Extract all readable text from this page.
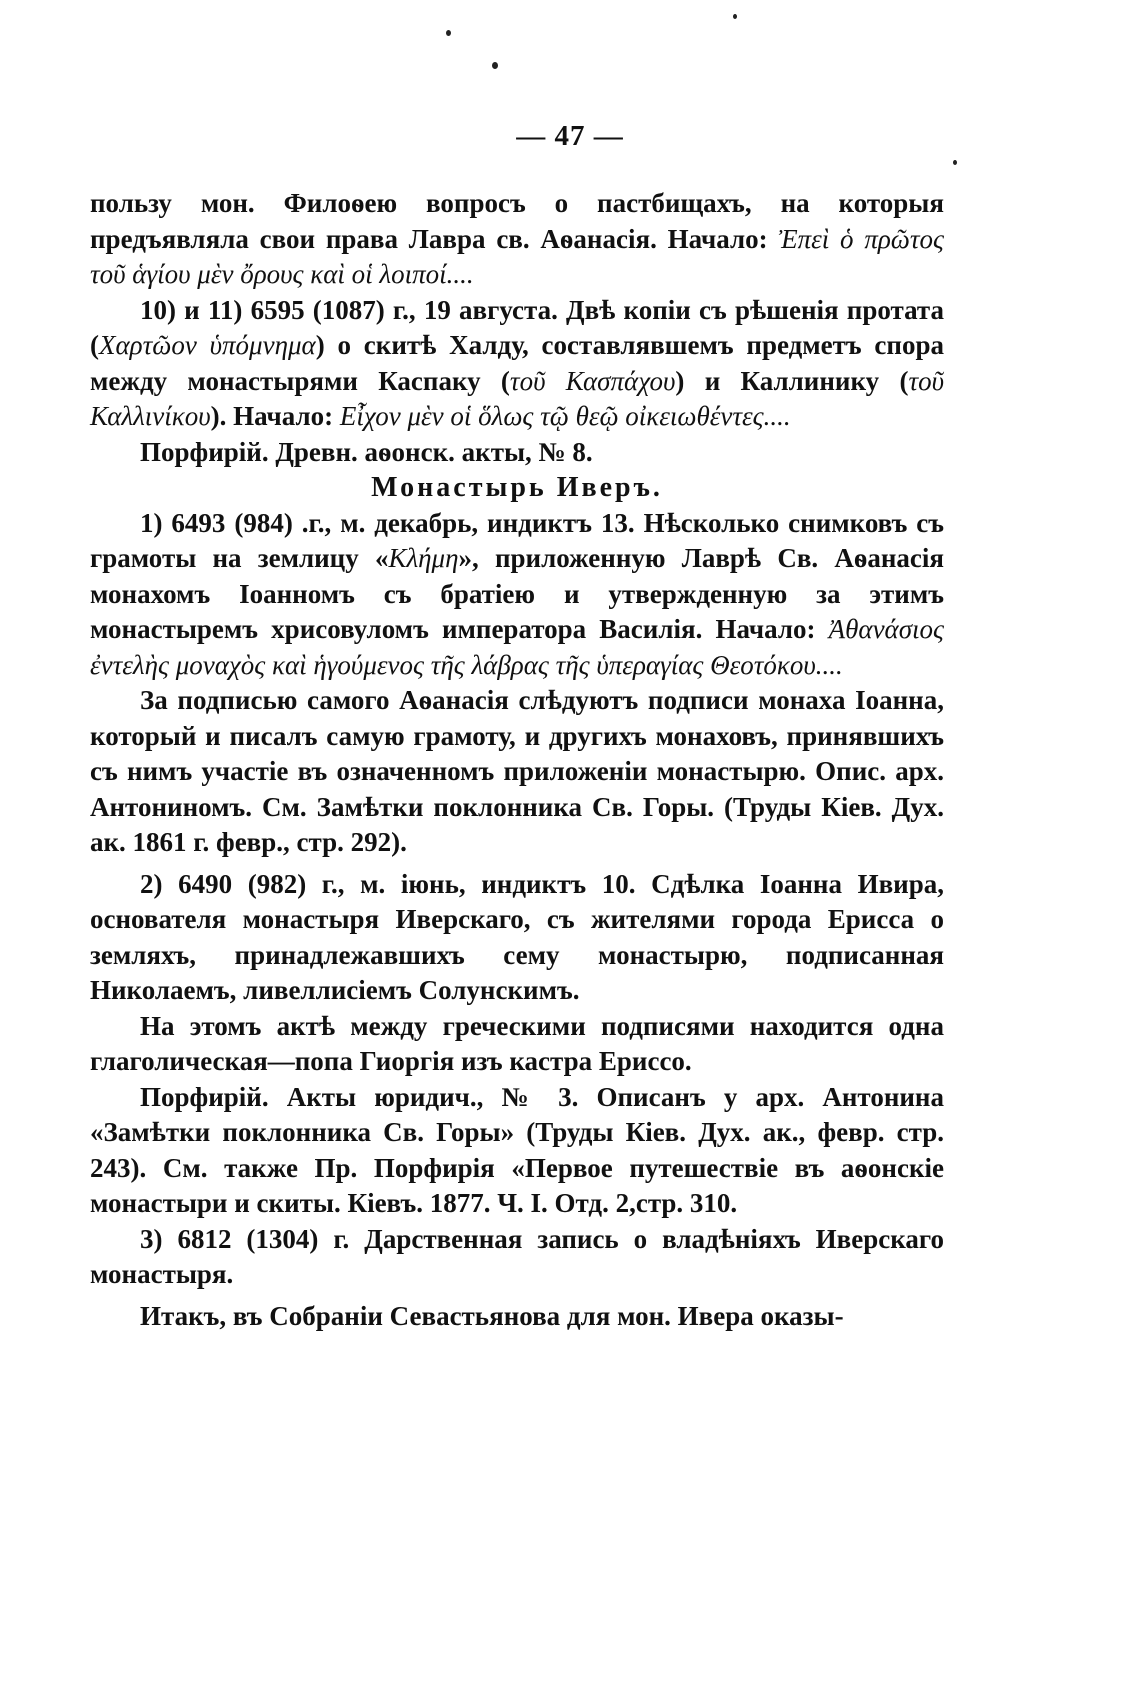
— 47 —

пользу мон. Филоѳею вопросъ о пастбищахъ, на которыя предъявляла свои права Лавра св. Аѳанасія. Начало: Ἐπεὶ ὁ πρῶτος τοῦ ἁγίου μὲν ὄρους καὶ οἱ λοιποί....

10) и 11) 6595 (1087) г., 19 августа. Двѣ копіи съ рѣшенія протата (Χαρτῶον ὑπόμνημα) о скитѣ Халду, составлявшемъ предметъ спора между монастырями Каспаку (τοῦ Κασπάχου) и Каллинику (τοῦ Καλλινίκου). Начало: Εἶχον μὲν οἱ ὅλως τῷ θεῷ οἰκειωθέντες....

Порфирій. Древн. аѳонск. акты, № 8.

Монастырь Иверъ.

1) 6493 (984) .г., м. декабрь, индиктъ 13. Нѣсколько снимковъ съ грамоты на землицу «Κλήμη», приложенную Лаврѣ Св. Аѳанасія монахомъ Іоанномъ съ братіею и утвержденную за этимъ монастыремъ хрисовуломъ императора Василія. Начало: Ἀθανάσιος ἐντελὴς μοναχὸς καὶ ἡγούμενος τῆς λάβρας τῆς ὑπεραγίας Θεοτόκου....

За подписью самого Аѳанасія слѣдуютъ подписи монаха Іоанна, который и писалъ самую грамоту, и другихъ монаховъ, принявшихъ съ нимъ участіе въ означенномъ приложеніи монастырю. Опис. арх. Антониномъ. См. Замѣтки поклонника Св. Горы. (Труды Кіев. Дух. ак. 1861 г. февр., стр. 292).

2) 6490 (982) г., м. іюнь, индиктъ 10. Сдѣлка Іоанна Ивира, основателя монастыря Иверскаго, съ жителями города Ерисса о земляхъ, принадлежавшихъ сему монастырю, подписанная Николаемъ, ливеллисіемъ Солунскимъ.

На этомъ актѣ между греческими подписями находится одна глаголическая—попа Гиоргія изъ кастра Ериссо.

Порфирій. Акты юридич., № 3. Описанъ у арх. Антонина «Замѣтки поклонника Св. Горы» (Труды Кіев. Дух. ак., февр. стр. 243). См. также Пр. Порфирія «Первое путешествіе въ аѳонскіе монастыри и скиты. Кіевъ. 1877. Ч. I. Отд. 2,стр. 310.

3) 6812 (1304) г. Дарственная запись о владѣніяхъ Иверскаго монастыря.

Итакъ, въ Собраніи Севастьянова для мон. Ивера оказы-
